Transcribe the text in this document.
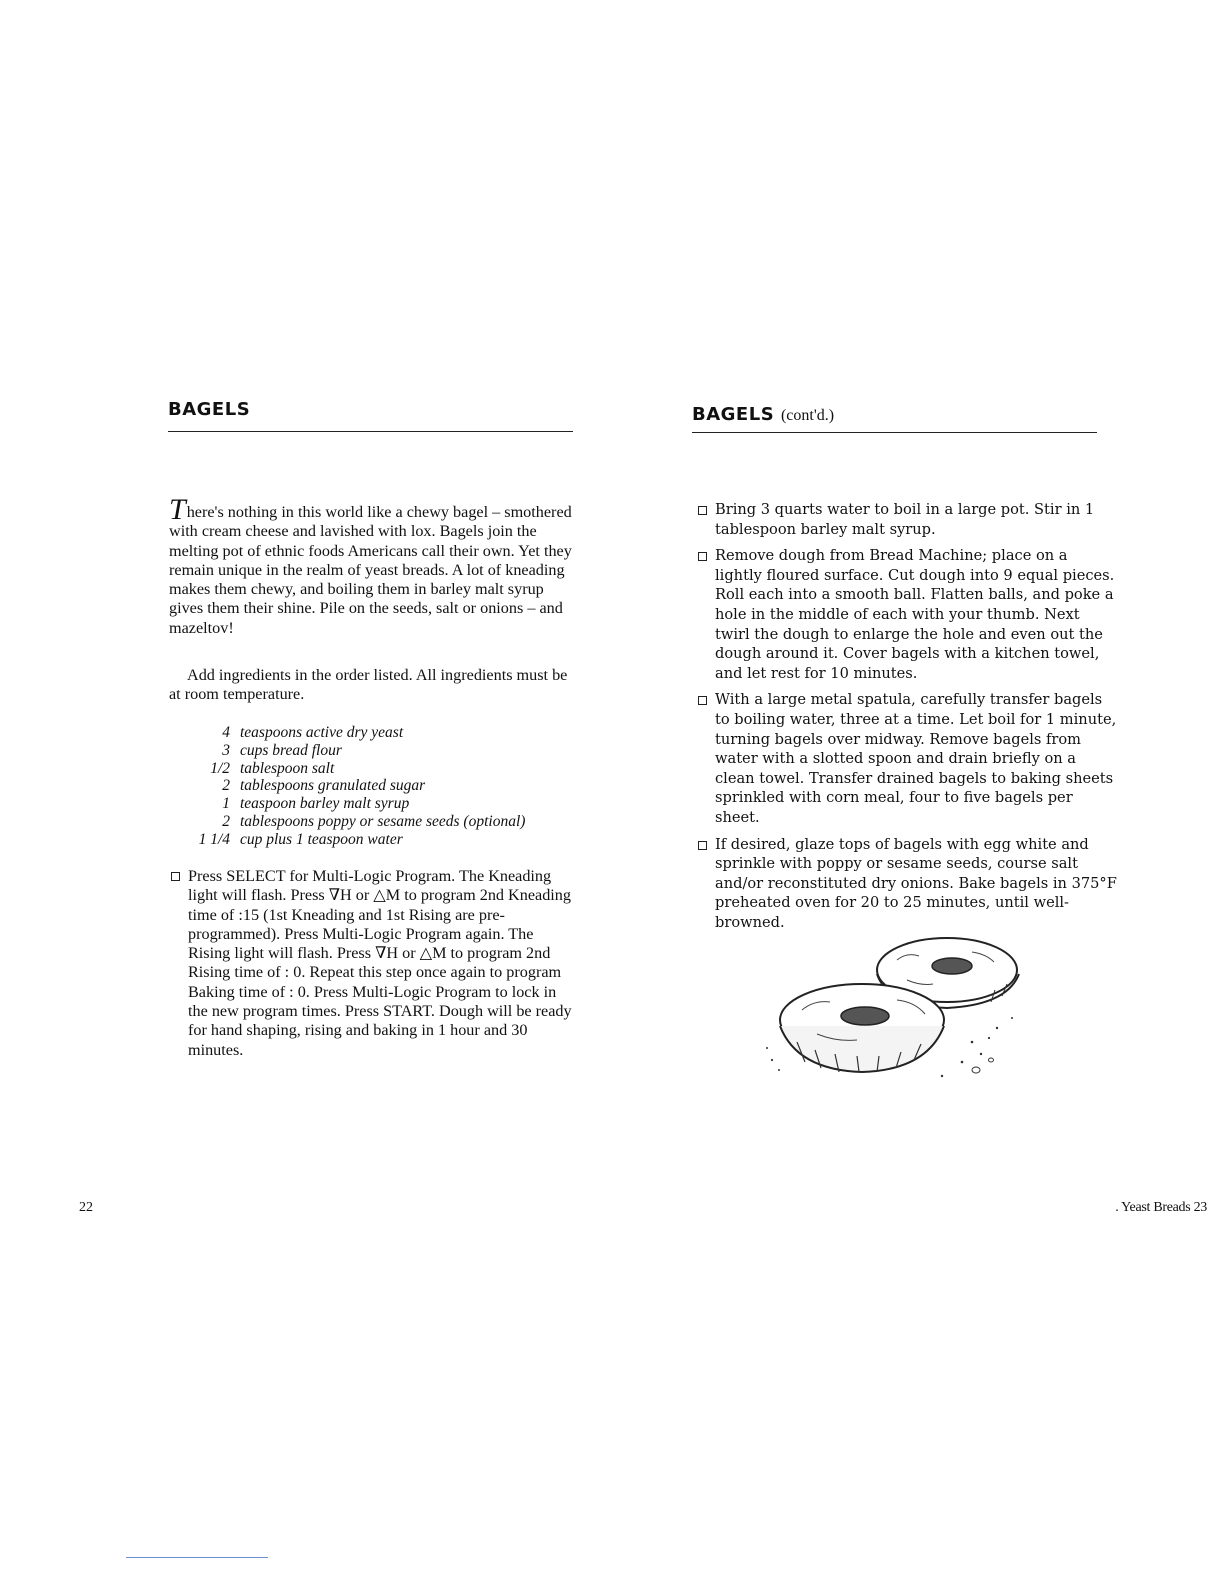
BAGELS
There's nothing in this world like a chewy bagel – smothered with cream cheese and lavished with lox. Bagels join the melting pot of ethnic foods Americans call their own. Yet they remain unique in the realm of yeast breads. A lot of kneading makes them chewy, and boiling them in barley malt syrup gives them their shine. Pile on the seeds, salt or onions – and mazeltov!
Add ingredients in the order listed. All ingredients must be at room temperature.
4 teaspoons active dry yeast
3 cups bread flour
1/2 tablespoon salt
2 tablespoons granulated sugar
1 teaspoon barley malt syrup
2 tablespoons poppy or sesame seeds (optional)
1 1/4 cup plus 1 teaspoon water
Press SELECT for Multi-Logic Program. The Kneading light will flash. Press ∇H or △M to program 2nd Kneading time of :15 (1st Kneading and 1st Rising are pre-programmed). Press Multi-Logic Program again. The Rising light will flash. Press ∇H or △M to program 2nd Rising time of : 0. Repeat this step once again to program Baking time of : 0. Press Multi-Logic Program to lock in the new program times. Press START. Dough will be ready for hand shaping, rising and baking in 1 hour and 30 minutes.
22
BAGELS (cont'd.)
Bring 3 quarts water to boil in a large pot. Stir in 1 tablespoon barley malt syrup.
Remove dough from Bread Machine; place on a lightly floured surface. Cut dough into 9 equal pieces. Roll each into a smooth ball. Flatten balls, and poke a hole in the middle of each with your thumb. Next twirl the dough to enlarge the hole and even out the dough around it. Cover bagels with a kitchen towel, and let rest for 10 minutes.
With a large metal spatula, carefully transfer bagels to boiling water, three at a time. Let boil for 1 minute, turning bagels over midway. Remove bagels from water with a slotted spoon and drain briefly on a clean towel. Transfer drained bagels to baking sheets sprinkled with corn meal, four to five bagels per sheet.
If desired, glaze tops of bagels with egg white and sprinkle with poppy or sesame seeds, course salt and/or reconstituted dry onions. Bake bagels in 375°F preheated oven for 20 to 25 minutes, until well-browned.
. Yeast Breads 23
